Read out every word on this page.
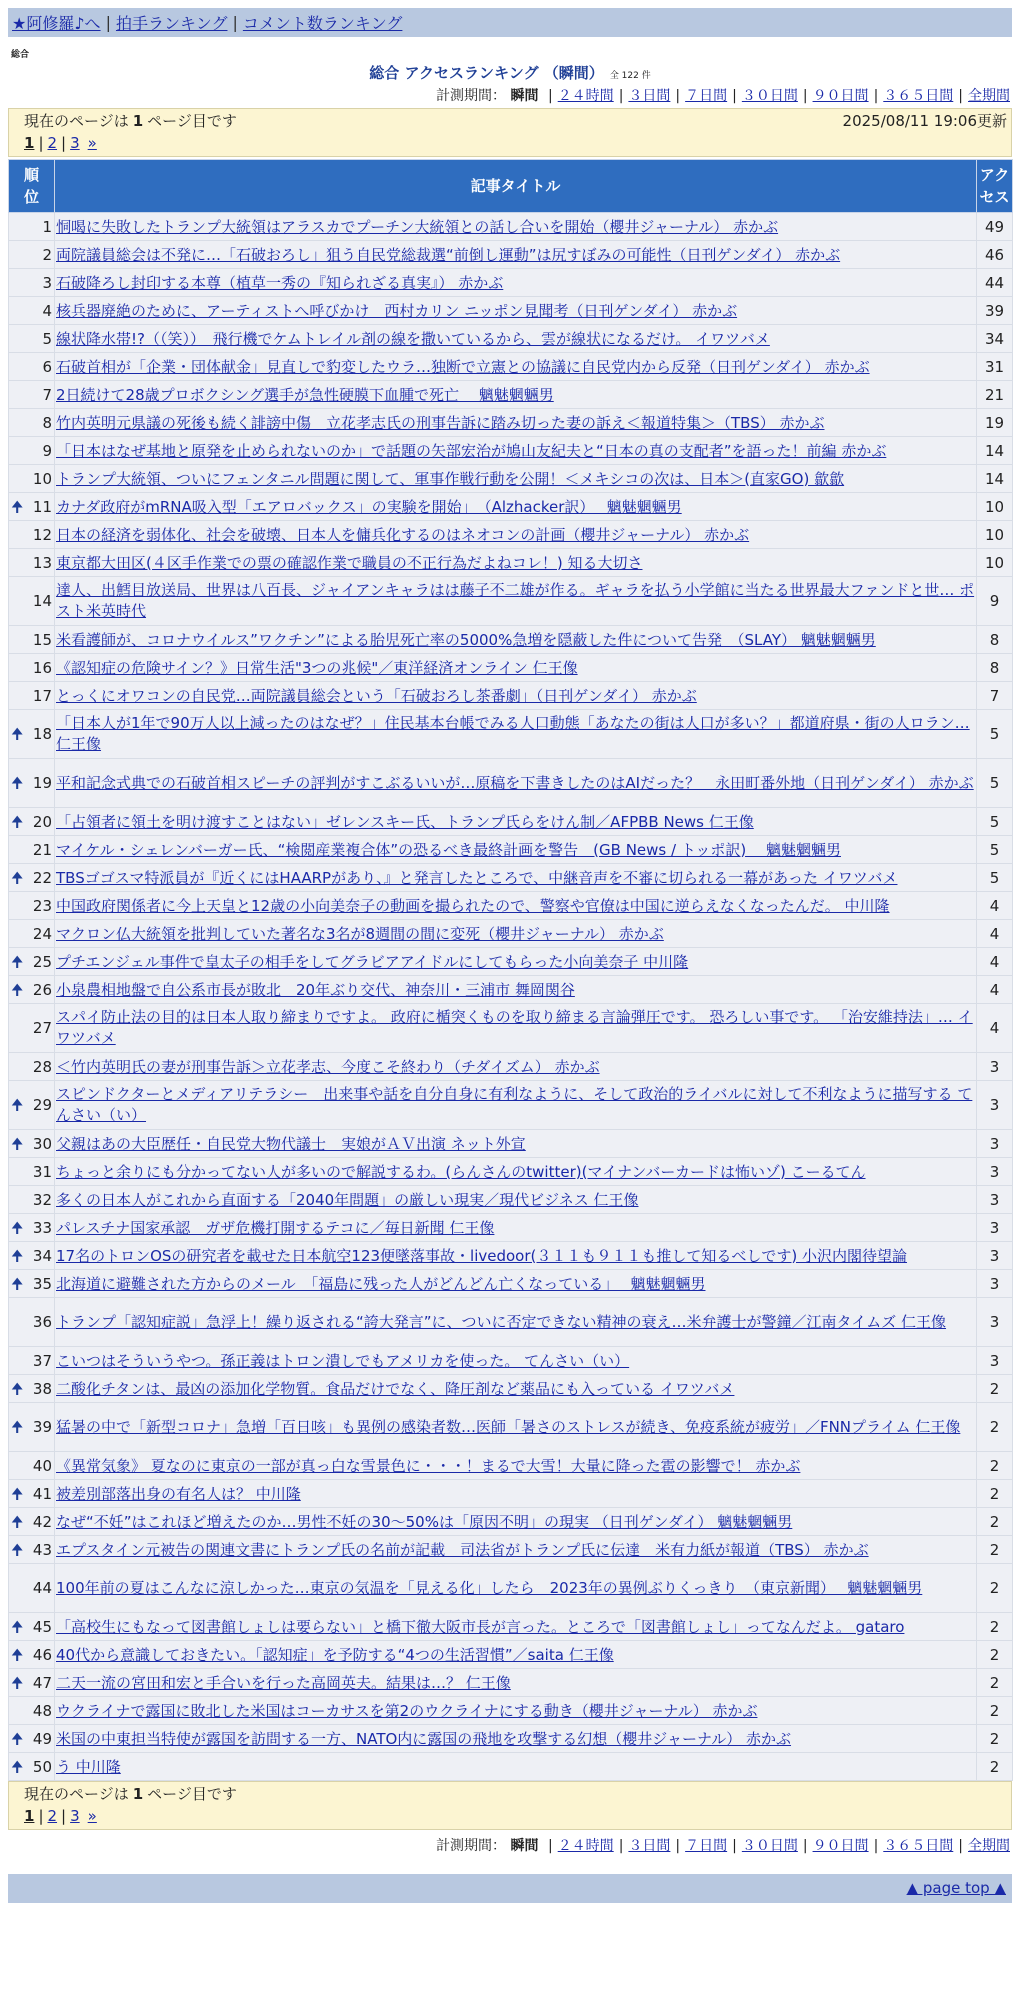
★阿修羅♪へ | 拍手ランキング | コメント数ランキング
総合
総合 アクセスランキング （瞬間） 全 122 件
計測期間： 瞬間 | ２４時間 | ３日間 | ７日間 | ３０日間 | ９０日間 | ３６５日間 | 全期間
現在のページは 1 ページ目です	2025/08/11 19:06更新
1 | 2 | 3 »
順位	記事タイトル	アクセス
1	恫喝に失敗したトランプ大統領はアラスカでプーチン大統領との話し合いを開始（櫻井ジャーナル） 赤かぶ	49
2	両院議員総会は不発に…「石破おろし」狙う自民党総裁選“前倒し運動”は尻すぼみの可能性（日刊ゲンダイ） 赤かぶ	46
3	石破降ろし封印する本尊（植草一秀の『知られざる真実』） 赤かぶ	44
4	核兵器廃絶のために、アーティストへ呼びかけ　西村カリン ニッポン見聞考（日刊ゲンダイ） 赤かぶ	39
5	線状降水帯!?（（笑））　飛行機でケムトレイル剤の線を撒いているから、雲が線状になるだけ。 イワツバメ	34
6	石破首相が「企業・団体献金」見直しで豹変したウラ…独断で立憲との協議に自民党内から反発（日刊ゲンダイ） 赤かぶ	31
7	2日続けて28歳プロボクシング選手が急性硬膜下血腫で死亡　 魑魅魍魎男	21
8	竹内英明元県議の死後も続く誹謗中傷　立花孝志氏の刑事告訴に踏み切った妻の訴え＜報道特集＞（TBS） 赤かぶ	19
9	「日本はなぜ基地と原発を止められないのか」で話題の矢部宏治が鳩山友紀夫と“日本の真の支配者”を語った！前編 赤かぶ	14
10	トランプ大統領、ついにフェンタニル問題に関して、軍事作戦行動を公開！＜メキシコの次は、日本＞(直家GO) 歙歙	14

🠉 11	カナダ政府がmRNA吸入型「エアロバックス」の実験を開始」　（Alzhacker訳）　 魑魅魍魎男	10
12	日本の経済を弱体化、社会を破壊、日本人を傭兵化するのはネオコンの計画（櫻井ジャーナル） 赤かぶ	10
13	東京都大田区(４区手作業での票の確認作業で職員の不正行為だよねコレ！) 知る大切さ	10
14	達人、出鱈目放送局、世界は八百長、ジャイアンキャラはは藤子不二雄が作る。ギャラを払う小学館に当たる世界最大ファンドと世… ポスト米英時代	9
15	米看護師が、コロナウイルス”ワクチン”による胎児死亡率の5000%急増を隠蔽した件について告発　（SLAY） 魑魅魍魎男	8
16	《認知症の危険サイン？》日常生活"3つの兆候"／東洋経済オンライン 仁王像	8
17	とっくにオワコンの自民党…両院議員総会という「石破おろし茶番劇」（日刊ゲンダイ） 赤かぶ	7

🠉 18	「日本人が1年で90万人以上減ったのはなぜ？」住民基本台帳でみる人口動態「あなたの街は人口が多い？」都道府県・街の人ロラン… 仁王像	5

🠉 19	平和記念式典での石破首相スピーチの評判がすこぶるいいが…原稿を下書きしたのはAIだった？　永田町番外地（日刊ゲンダイ） 赤かぶ	5

🠉 20	「占領者に領土を明け渡すことはない」ゼレンスキー氏、トランプ氏らをけん制／AFPBB News 仁王像	5
21	マイケル・シェレンバーガー氏、“検閲産業複合体”の恐るべき最終計画を警告　(GB News / トッポ訳)　 魑魅魍魎男	5

🠉 22	TBSゴゴスマ特派員が『近くにはHAARPがあり、』と発言したところで、中継音声を不審に切られる一幕があった イワツバメ	5
23	中国政府関係者に今上天皇と12歳の小向美奈子の動画を撮られたので、警察や官僚は中国に逆らえなくなったんだ。 中川隆	4
24	マクロン仏大統領を批判していた著名な3名が8週間の間に変死（櫻井ジャーナル） 赤かぶ	4

🠉 25	プチエンジェル事件で皇太子の相手をしてグラビアアイドルにしてもらった小向美奈子 中川隆	4

🠉 26	小泉農相地盤で自公系市長が敗北　20年ぶり交代、神奈川・三浦市 舞岡関谷	4
27	スパイ防止法の目的は日本人取り締まりですよ。 政府に楯突くものを取り締まる言論弾圧です。 恐ろしい事です。 「治安維持法」… イワツバメ	4
28	＜竹内英明氏の妻が刑事告訴＞立花孝志、今度こそ終わり（チダイズム） 赤かぶ	3

🠉 29	スピンドクターとメディアリテラシー　出来事や話を自分自身に有利なように、そして政治的ライバルに対して不利なように描写する てんさい（い）	3

🠉 30	父親はあの大臣歴任・自民党大物代議士　実娘がＡＶ出演 ネット外宣	3
31	ちょっと余りにも分かってない人が多いので解説するわ。(らんさんのtwitter)(マイナンバーカードは怖いゾ) こーるてん	3
32	多くの日本人がこれから直面する「2040年問題」の厳しい現実／現代ビジネス 仁王像	3

🠉 33	パレスチナ国家承認　ガザ危機打開するテコに／毎日新聞 仁王像	3

🠉 34	17名のトロンOSの研究者を載せた日本航空123便墜落事故・livedoor(３１１も９１１も推して知るべしです) 小沢内閣待望論	3

🠉 35	北海道に避難された方からのメール　「福島に残った人がどんどん亡くなっている」　 魑魅魍魎男	3
36	トランプ「認知症説」急浮上！繰り返される“誇大発言”に、ついに否定できない精神の衰え…米弁護士が警鐘／江南タイムズ 仁王像	3
37	こいつはそういうやつ。孫正義はトロン潰しでもアメリカを使った。 てんさい（い）	3

🠉 38	二酸化チタンは、最凶の添加化学物質。食品だけでなく、降圧剤など薬品にも入っている イワツバメ	2

🠉 39	猛暑の中で「新型コロナ」急増「百日咳」も異例の感染者数…医師「暑さのストレスが続き、免疫系統が疲労」／FNNプライム 仁王像	2
40	《異常気象》 夏なのに東京の一部が真っ白な雪景色に・・・！まるで大雪！大量に降った雹の影響で！ 赤かぶ	2

🠉 41	被差別部落出身の有名人は？ 中川隆	2

🠉 42	なぜ“不妊”はこれほど増えたのか…男性不妊の30～50%は「原因不明」の現実 （日刊ゲンダイ） 魑魅魍魎男	2

🠉 43	エプスタイン元被告の関連文書にトランプ氏の名前が記載　司法省がトランプ氏に伝達　米有力紙が報道（TBS） 赤かぶ	2
44	100年前の夏はこんなに涼しかった…東京の気温を「見える化」したら　2023年の異例ぶりくっきり　（東京新聞）　 魑魅魍魎男	2

🠉 45	「高校生にもなって図書館しょしは要らない」と橋下徹大阪市長が言った。ところで「図書館しょし」ってなんだよ。 gataro	2

🠉 46	40代から意識しておきたい。「認知症」を予防する“4つの生活習慣”／saita 仁王像	2

🠉 47	二天一流の宮田和宏と手合いを行った高岡英夫。結果は…？ 仁王像	2
48	ウクライナで露国に敗北した米国はコーカサスを第2のウクライナにする動き（櫻井ジャーナル） 赤かぶ	2

🠉 49	米国の中東担当特使が露国を訪問する一方、NATO内に露国の飛地を攻撃する幻想（櫻井ジャーナル） 赤かぶ	2

🠉 50	う 中川隆	2
現在のページは 1 ページ目です
1 | 2 | 3 »
計測期間： 瞬間 | ２４時間 | ３日間 | ７日間 | ３０日間 | ９０日間 | ３６５日間 | 全期間
▲ page top ▲
